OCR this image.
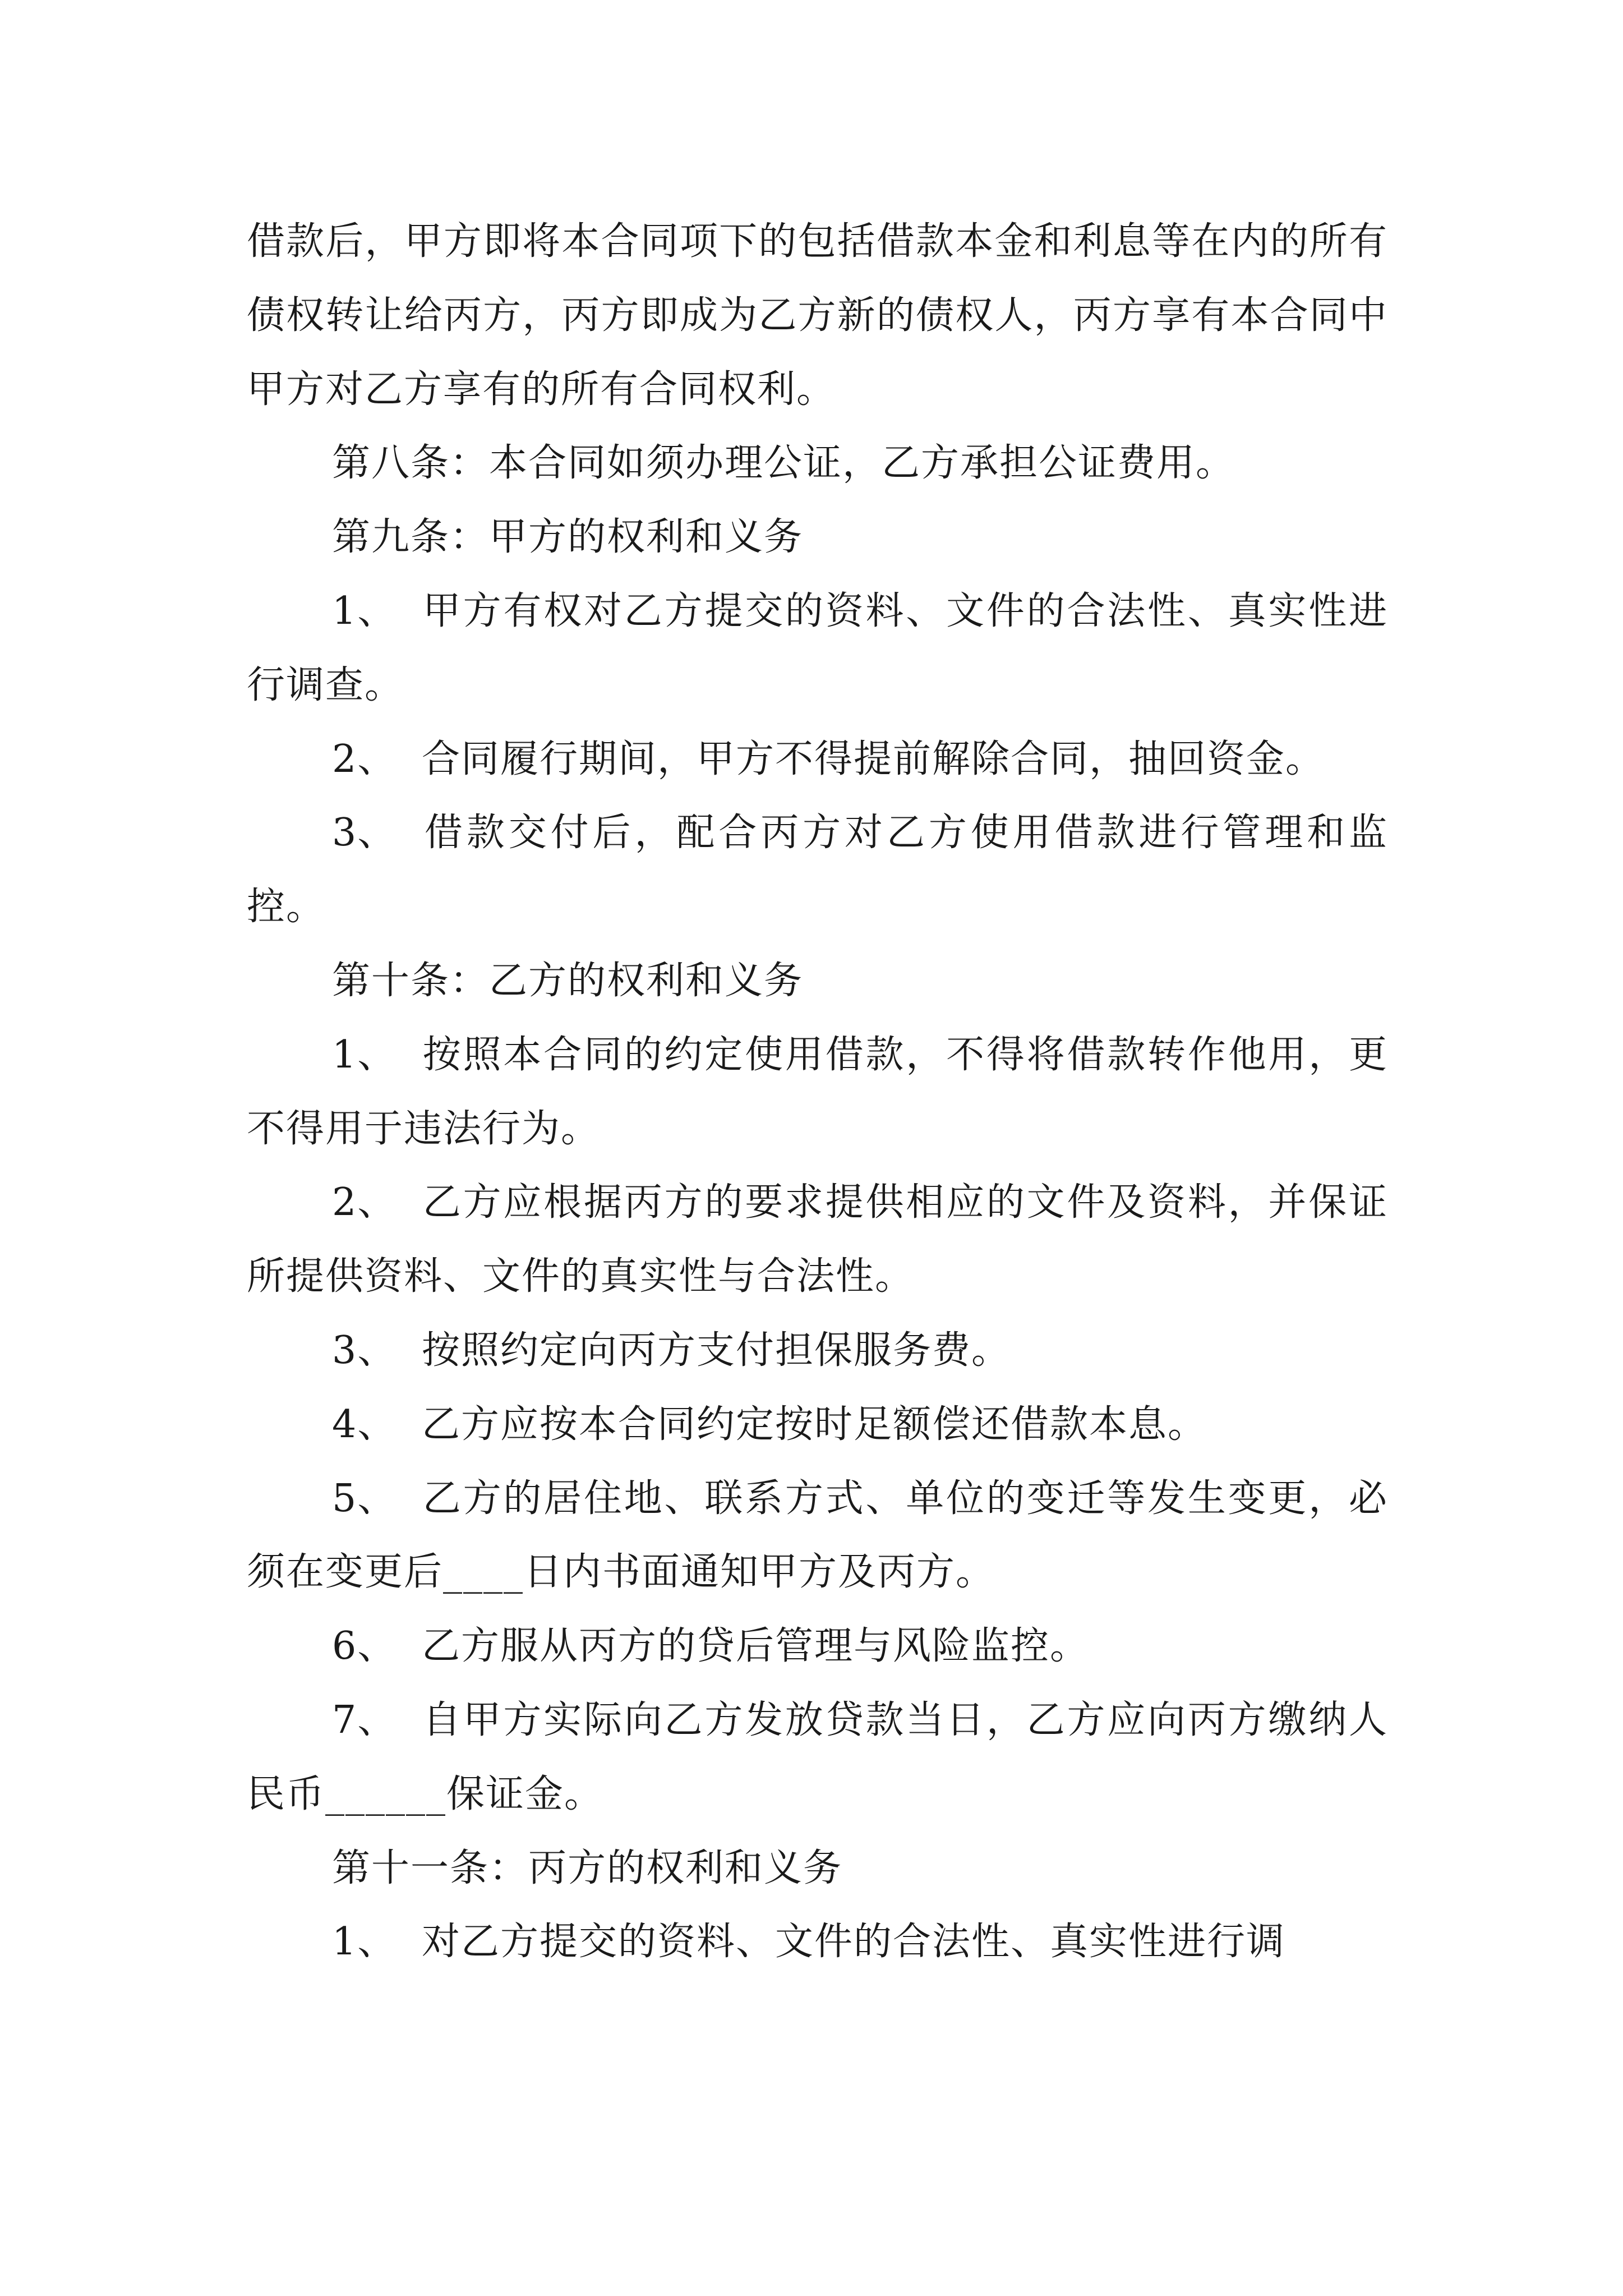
借款后，甲方即将本合同项下的包括借款本金和利息等在内的所有债权转让给丙方，丙方即成为乙方新的债权人，丙方享有本合同中甲方对乙方享有的所有合同权利。

第八条：本合同如须办理公证，乙方承担公证费用。

第九条：甲方的权利和义务

1、 甲方有权对乙方提交的资料、文件的合法性、真实性进行调查。

2、 合同履行期间，甲方不得提前解除合同，抽回资金。

3、 借款交付后，配合丙方对乙方使用借款进行管理和监控。

第十条：乙方的权利和义务

1、 按照本合同的约定使用借款，不得将借款转作他用，更不得用于违法行为。

2、 乙方应根据丙方的要求提供相应的文件及资料，并保证所提供资料、文件的真实性与合法性。

3、 按照约定向丙方支付担保服务费。

4、 乙方应按本合同约定按时足额偿还借款本息。

5、 乙方的居住地、联系方式、单位的变迁等发生变更，必须在变更后____日内书面通知甲方及丙方。

6、 乙方服从丙方的贷后管理与风险监控。

7、 自甲方实际向乙方发放贷款当日，乙方应向丙方缴纳人民币______保证金。

第十一条：丙方的权利和义务

1、 对乙方提交的资料、文件的合法性、真实性进行调
